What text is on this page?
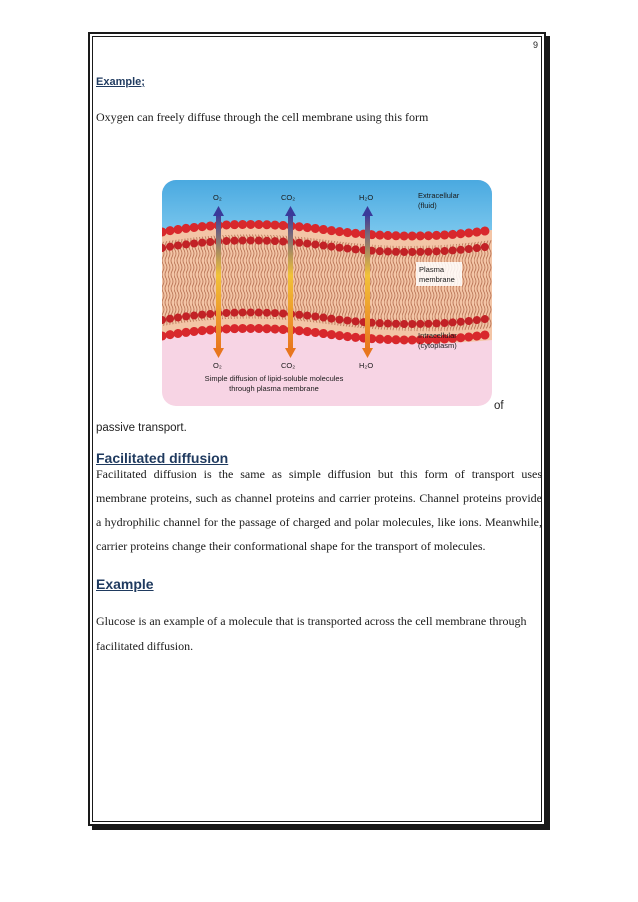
9
Example;
Oxygen can freely diffuse through the cell membrane using this form
O₂	CO₂	H₂O
O₂	CO₂	H₂O
Extracellular
(fluid)
Plasma
membrane
Intracellular
(cytoplasm)
Simple diffusion of lipid-soluble molecules
through plasma membrane
of
passive transport.
Facilitated diffusion
Facilitated diffusion is the same as simple diffusion but this form of transport uses membrane proteins, such as channel proteins and carrier proteins. Channel proteins provide a hydrophilic channel for the passage of charged and polar molecules, like ions. Meanwhile, carrier proteins change their conformational shape for the transport of molecules.
Example
Glucose is an example of a molecule that is transported across the cell membrane through facilitated diffusion.
